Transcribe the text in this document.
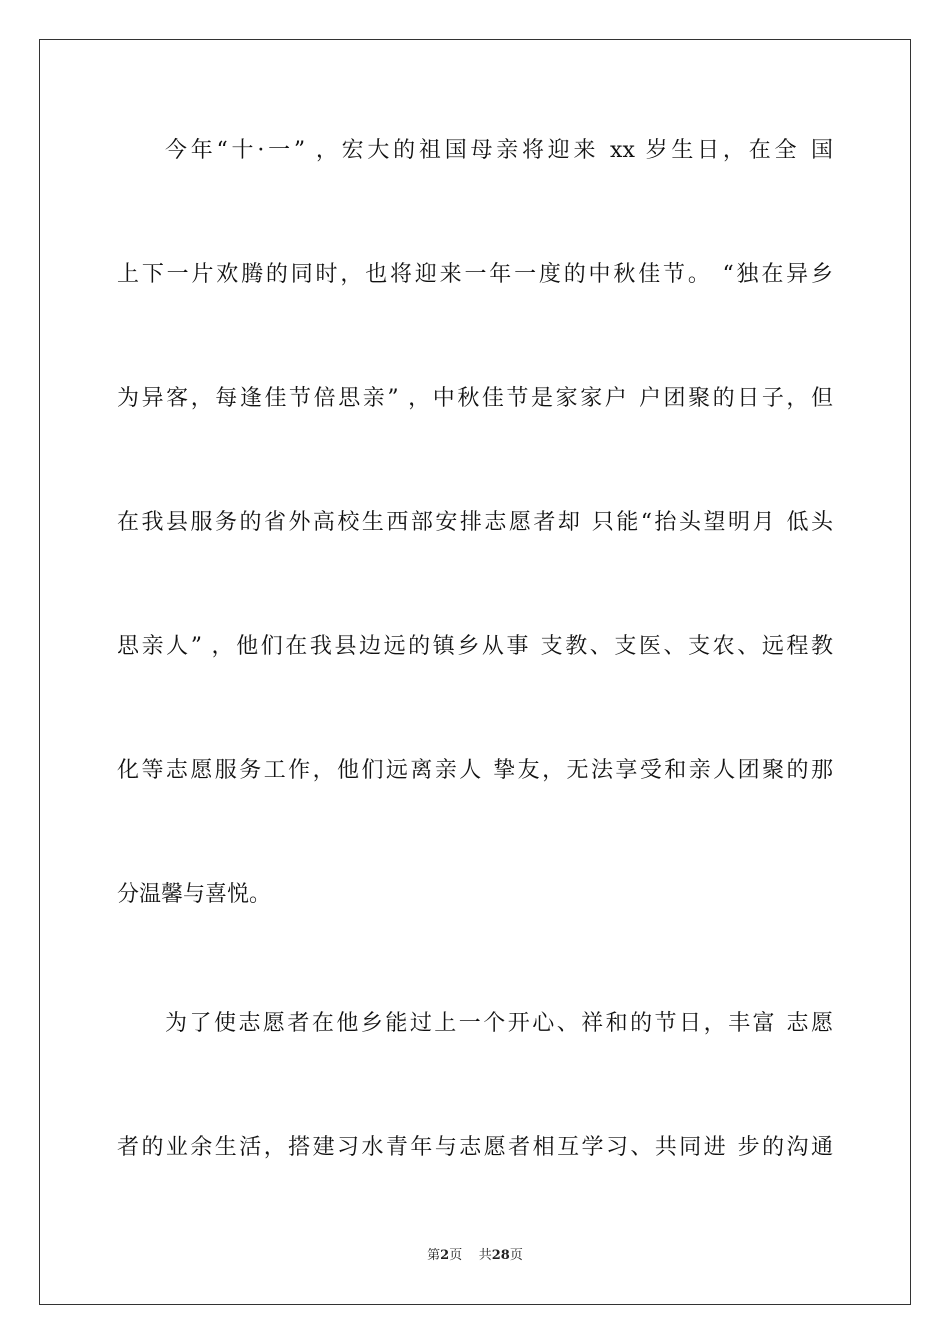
今年“十·一” ，宏大的祖国母亲将迎来 xx 岁生日，在全 国
上下一片欢腾的同时，也将迎来一年一度的中秋佳节。 “独在异乡
为异客，每逢佳节倍思亲” ，中秋佳节是家家户 户团聚的日子，但
在我县服务的省外高校生西部安排志愿者却 只能“抬头望明月 低头
思亲人” ，他们在我县边远的镇乡从事 支教、支医、支农、远程教
化等志愿服务工作，他们远离亲人 挚友，无法享受和亲人团聚的那
分温馨与喜悦。
为了使志愿者在他乡能过上一个开心、祥和的节日，丰富 志愿
者的业余生活，搭建习水青年与志愿者相互学习、共同进 步的沟通
第2页 共28页
